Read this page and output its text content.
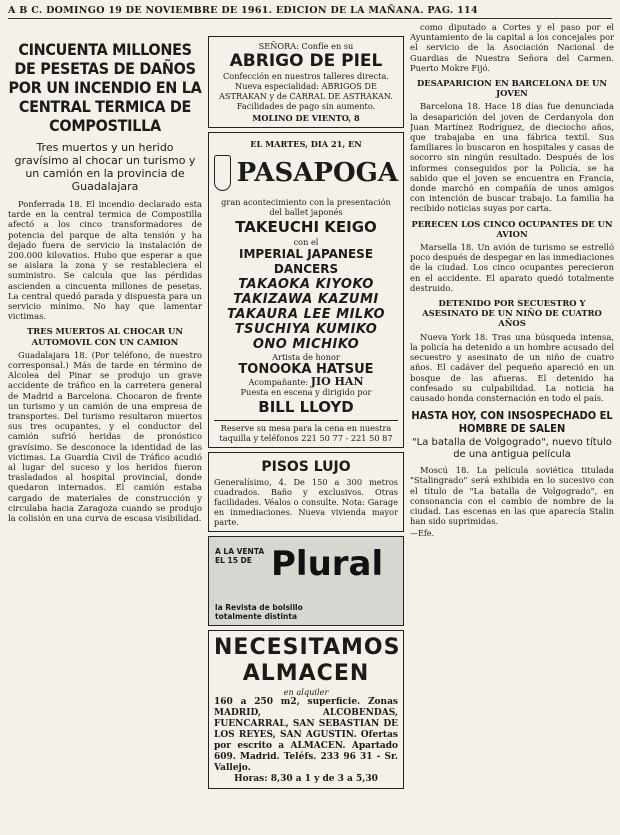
A B C. DOMINGO 19 DE NOVIEMBRE DE 1961. EDICION DE LA MAÑANA. PAG. 114
CINCUENTA MILLONES DE PESETAS DE DAÑOS POR UN INCENDIO EN LA CENTRAL TERMICA DE COMPOSTILLA
Tres muertos y un herido gravísimo al chocar un turismo y un camión en la provincia de Guadalajara

Ponferrada 18. El incendio declarado esta tarde en la central termica de Compostilla afectó a los cinco transformadores de potencia del parque de alta tensión y ha dejado fuera de servicio la instalación de 200.000 kilovatios. Hubo que esperar a que se aislara la zona y se restableciera el suministro. Se calcula que las pérdidas ascienden a cincuenta millones de pesetas. La central quedó parada y dispuesta para un servicio mínimo. No hay que lamentar victimas.

TRES MUERTOS AL CHOCAR UN AUTOMOVIL CON UN CAMION

Guadalajara 18. (Por teléfono, de nuestro corresponsal.) Más de tarde en término de Alcolea del Pinar se produjo un grave accidente de tráfico en la carretera general de Madrid a Barcelona. Chocaron de frente un turismo y un camión de una empresa de transportes. Del turismo resultaron muertos sus tres ocupantes, y el conductor del camión sufrió heridas de pronóstico gravísimo. Se desconoce la identidad de las victimas. La Guardia Civil de Tráfico acudió al lugar del suceso y los heridos fueron trasladados al hospital provincial, donde quedaron internados. El camión estaba cargado de materiales de construcción y circulaba hacia Zaragoza cuando se produjo la colisión en una curva de escasa visibilidad.

SEÑORA: Confíe en su
ABRIGO DE PIEL
Confección en nuestros talleres directa. Nueva especialidad: ABRIGOS DE ASTRAKAN y de CARRAL DE ASTRAKAN. Facilidades de pago sin aumento.
MOLINO DE VIENTO, 8
EL MARTES, DIA 21, EN
PASAPOGA
gran acontecimiento con la presentación del ballet japonés
TAKEUCHI KEIGO
con el
IMPERIAL JAPANESE DANCERS
TAKAOKA KIYOKO
TAKIZAWA KAZUMI
TAKAURA LEE MILKO
TSUCHIYA KUMIKO
ONO MICHIKO
Artista de honor
TONOOKA HATSUE
Acompañante: JIO HAN
Puesta en escena y dirigido por
BILL LLOYD
Reserve su mesa para la cena en nuestra taquilla y teléfonos 221 50 77 - 221 50 87
PISOS LUJO
Generalísimo, 4. De 150 a 300 metros cuadrados. Baño y exclusivos. Otras facilidades. Véalos o consulte. Nota: Garage en inmediaciones. Nueva vivienda mayor parte.
A LA VENTA
EL 15 DE Plural
la Revista de bolsillo totalmente distinta
NECESITAMOS
ALMACEN
en alquiler
160 a 250 m2, superficie. Zonas MADRID, ALCOBENDAS, FUENCARRAL, SAN SEBASTIAN DE LOS REYES, SAN AGUSTIN. Ofertas por escrito a ALMACEN. Apartado 609. Madrid. Teléfs. 233 96 31 - Sr. Vallejo.
Horas: 8,30 a 1 y de 3 a 5,30

como diputado a Cortes y el paso por el Ayuntamiento de la capital a los concejales por el servicio de la Asociación Nacional de Guardias de Nuestra Señora del Carmen. Puerto Mokre Fijó.

DESAPARICION EN BARCELONA DE UN JOVEN

Barcelona 18. Hace 18 días fue denunciada la desaparición del joven de Cerdanyola don Juan Martínez Rodríguez, de dieciocho años, que trabajaba en una fábrica textil. Sus familiares lo buscaron en hospitales y casas de socorro sin ningún resultado. Después de los informes conseguidos por la Policía, se ha sabido que el joven se encuentra en Francia, donde marchó en compañía de unos amigos con intención de buscar trabajo. La familia ha recibido noticias suyas por carta.

PERECEN LOS CINCO OCUPANTES DE UN AVION

Marsella 18. Un avión de turismo se estrelló poco después de despegar en las inmediaciones de la ciudad. Los cinco ocupantes perecieron en el accidente. El aparato quedó totalmente destruido.

DETENIDO POR SECUESTRO Y ASESINATO DE UN NIÑO DE CUATRO AÑOS

Nueva York 18. Tras una búsqueda intensa, la policía ha detenido a un hombre acusado del secuestro y asesinato de un niño de cuatro años. El cadáver del pequeño apareció en un bosque de las afueras. El detenido ha confesado su culpabilidad. La noticia ha causado honda consternación en todo el país.

HASTA HOY, CON INSOSPECHADO EL HOMBRE DE SALEN
"La batalla de Volgogrado", nuevo título de una antigua película

Moscú 18. La película soviética titulada "Stalingrado" será exhibida en lo sucesivo con el título de "La batalla de Volgogrado", en consonancia con el cambio de nombre de la ciudad. Las escenas en las que aparecía Stalin han sido suprimidas.

—Efe.
